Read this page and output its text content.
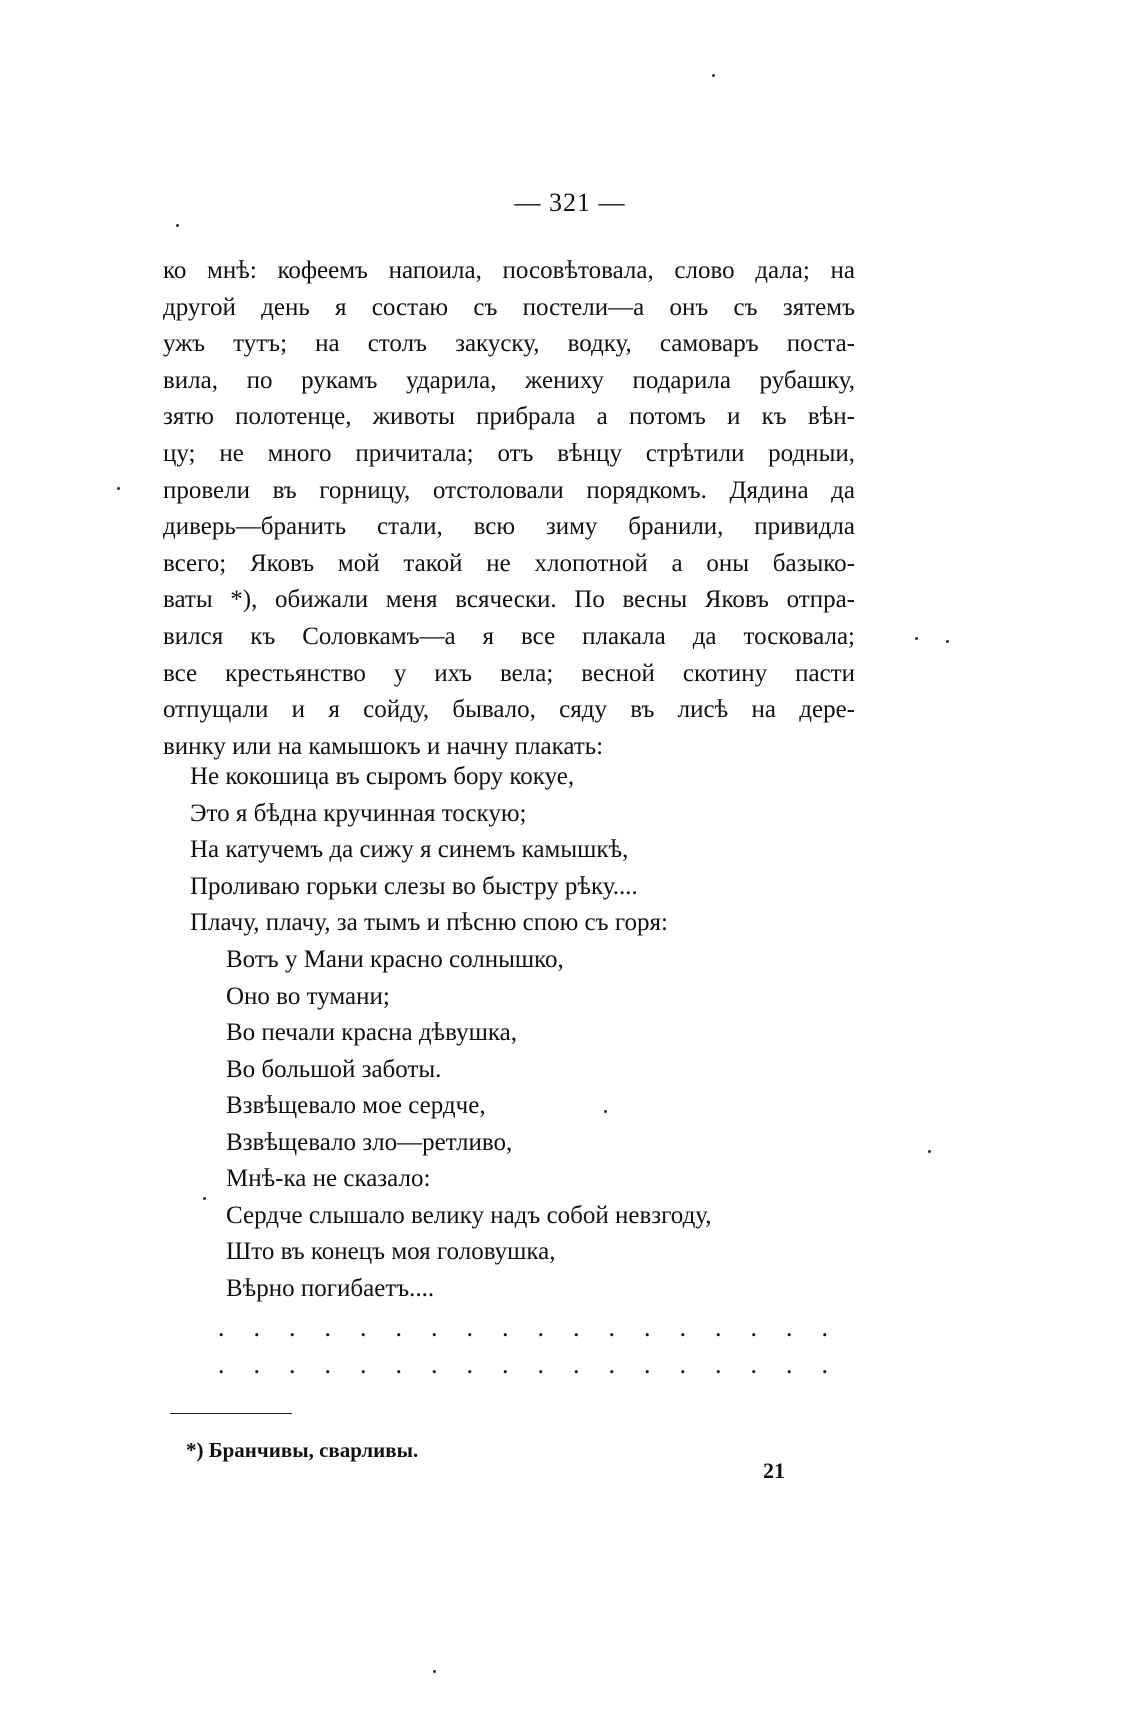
— 321 —
ко мнѣ: кофеемъ напоила, посовѣтовала, слово дала; на
другой день я состаю съ постели—а онъ съ зятемъ
ужъ тутъ; на столъ закуску, водку, самоваръ поста-
вила, по рукамъ ударила, жениху подарила рубашку,
зятю полотенце, животы прибрала а потомъ и къ вѣн-
цу; не много причитала; отъ вѣнцу стрѣтили родныи,
провели въ горницу, отстоловали порядкомъ. Дядина да
диверь—бранить стали, всю зиму бранили, привидла
всего; Яковъ мой такой не хлопотной а оны базыко-
ваты *), обижали меня всячески. По весны Яковъ отпра-
вился къ Соловкамъ—а я все плакала да тосковала;
все крестьянство у ихъ вела; весной скотину пасти
отпущали и я сойду, бывало, сяду въ лисѣ на дере-
винку или на камышокъ и начну плакать:
Не кокошица въ сыромъ бору кокуе,
Это я бѣдна кручинная тоскую;
На катучемъ да сижу я синемъ камышкѣ,
Проливаю горьки слезы во быстру рѣку....
Плачу, плачу, за тымъ и пѣсню спою съ горя:
Вотъ у Мани красно солнышко,
Оно во тумани;
Во печали красна дѣвушка,
Во большой заботы.
Взвѣщевало мое сердче,
Взвѣщевало зло—ретливо,
Мнѣ-ка не сказало:
Сердче слышало велику надъ собой невзгоду,
Што въ конецъ моя головушка,
Вѣрно погибаетъ....
. . . . . . . . . . . . . . . . . .
. . . . . . . . . . . . . . . . . .
*) Бранчивы, сварливы.
21
